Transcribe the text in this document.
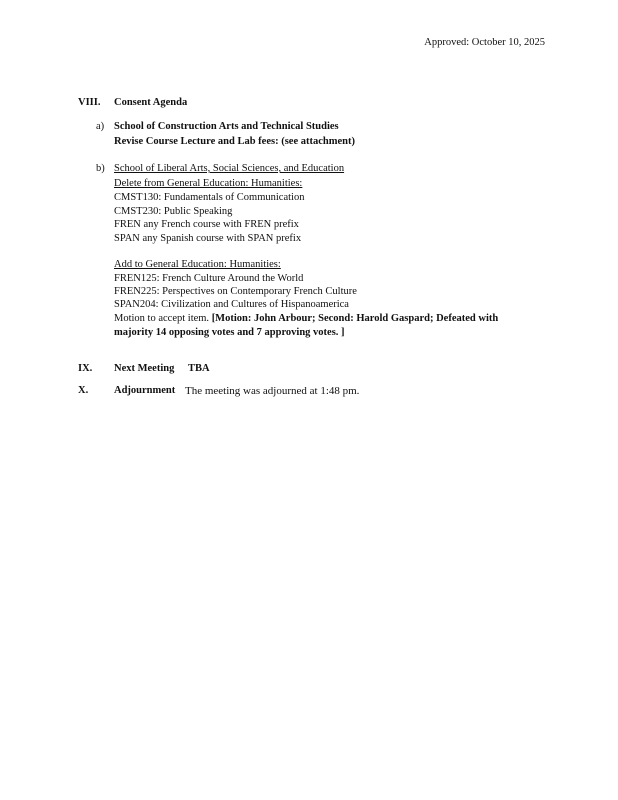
Approved: October 10, 2025
VIII. Consent Agenda
a) School of Construction Arts and Technical Studies
Revise Course Lecture and Lab fees: (see attachment)
b) School of Liberal Arts, Social Sciences, and Education
Delete from General Education: Humanities:
CMST130: Fundamentals of Communication
CMST230: Public Speaking
FREN any French course with FREN prefix
SPAN any Spanish course with SPAN prefix
Add to General Education: Humanities:
FREN125: French Culture Around the World
FREN225: Perspectives on Contemporary French Culture
SPAN204: Civilization and Cultures of Hispanoamerica
Motion to accept item. [Motion: John Arbour; Second: Harold Gaspard; Defeated with majority 14 opposing votes and 7 approving votes. ]
IX. Next Meeting TBA
X. Adjournment The meeting was adjourned at 1:48 pm.
